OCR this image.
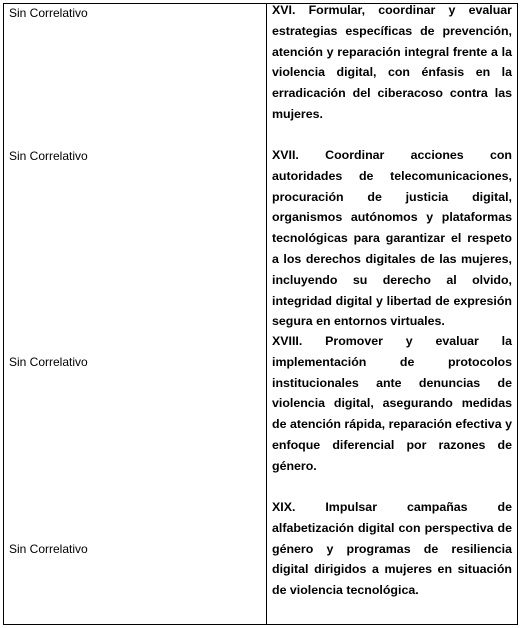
Sin Correlativo	XVI. Formular, coordinar y evaluar estrategias específicas de prevención, atención y reparación integral frente a la violencia digital, con énfasis en la erradicación del ciberacoso contra las mujeres.

Sin Correlativo	XVII. Coordinar acciones con autoridades de telecomunicaciones, procuración de justicia digital, organismos autónomos y plataformas tecnológicas para garantizar el respeto a los derechos digitales de las mujeres, incluyendo su derecho al olvido, integridad digital y libertad de expresión segura en entornos virtuales.

Sin Correlativo

XVIII. Promover y evaluar la implementación de protocolos institucionales ante denuncias de violencia digital, asegurando medidas de atención rápida, reparación efectiva y enfoque diferencial por razones de género.

Sin Correlativo

XIX. Impulsar campañas de alfabetización digital con perspectiva de género y programas de resiliencia digital dirigidos a mujeres en situación de violencia tecnológica.
